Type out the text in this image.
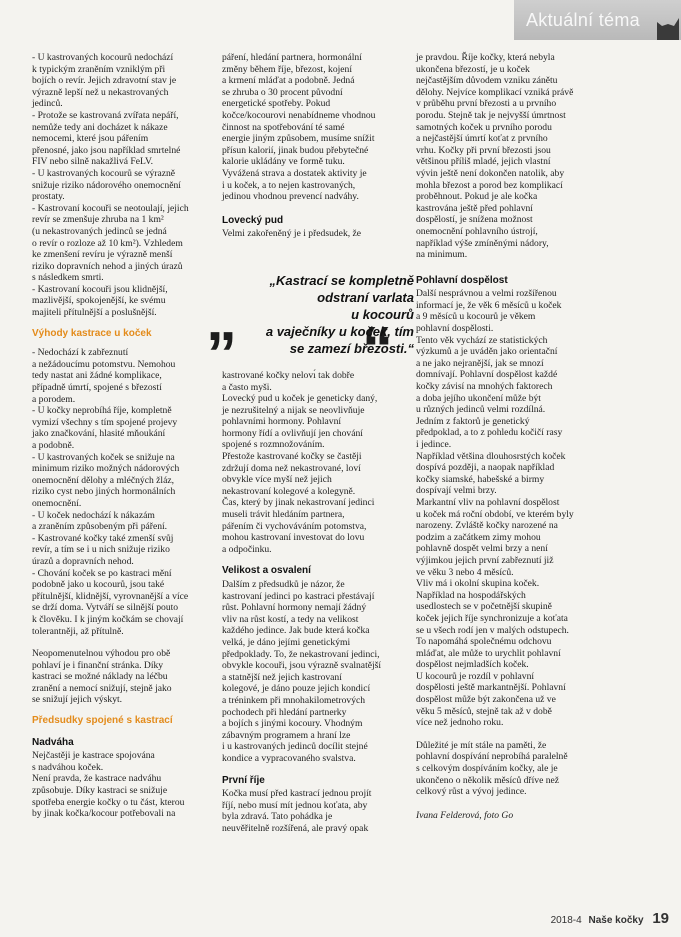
Aktuální téma
- U kastrovaných kocourů nedochází
k typickým zraněním vzniklým při
bojích o revír. Jejich zdravotní stav je
výrazně lepší než u nekastrovaných
jedinců.
- Protože se kastrovaná zvířata nepáří,
nemůže tedy ani docházet k nákaze
nemocemi, které jsou pářením
přenosné, jako jsou například smrtelné
FIV nebo silně nakažlivá FeLV.
- U kastrovaných kocourů se výrazně
snižuje riziko nádorového onemocnění
prostaty.
- Kastrovaní kocouři se neotoulají, jejich
revír se zmenšuje zhruba na 1 km²
(u nekastrovaných jedinců se jedná
o revír o rozloze až 10 km²). Vzhledem
ke zmenšení revíru je výrazně menší
riziko dopravních nehod a jiných úrazů
s následkem smrti.
- Kastrovaní kocouři jsou klidnější,
mazlivější, spokojenější, ke svému
majiteli přítulnější a poslušnější.
Výhody kastrace u koček
- Nedochází k zabřeznutí
a nežádoucímu potomstvu. Nemohou
tedy nastat ani žádné komplikace,
případně úmrtí, spojené s březostí
a porodem.
- U kočky neprobíhá říje, kompletně
vymizí všechny s tím spojené projevy
jako značkování, hlasité mňoukání
a podobně.
- U kastrovaných koček se snižuje na
minimum riziko možných nádorových
onemocnění dělohy a mléčných žláz,
riziko cyst nebo jiných hormonálních
onemocnění.
- U koček nedochází k nákazám
a zraněním způsobeným při páření.
- Kastrované kočky také zmenší svůj
revír, a tím se i u nich snižuje riziko
úrazů a dopravních nehod.
- Chování koček se po kastraci mění
podobně jako u kocourů, jsou také
přítulnější, klidnější, vyrovnanější a více
se drží doma. Vytváří se silnější pouto
k člověku. I k jiným kočkám se chovají
tolerantněji, až přítulně.
Neopomenutelnou výhodou pro obě
pohlaví je i finanční stránka. Díky
kastraci se možné náklady na léčbu
zranění a nemocí snižují, stejně jako
se snižují jejich výskyt.
Předsudky spojené s kastrací
Nadváha
Nejčastěji je kastrace spojována
s nadváhou koček.
Není pravda, že kastrace nadváhu
způsobuje. Díky kastraci se snižuje
spotřeba energie kočky o tu část, kterou
by jinak kočka/kocour potřebovali na
páření, hledání partnera, hormonální
změny během říje, březost, kojení
a krmení mláďat a podobně. Jedná
se zhruba o 30 procent původní
energetické spotřeby. Pokud
kočce/kocourovi nenabídneme vhodnou
činnost na spotřebování té samé
energie jiným způsobem, musíme snížit
přísun kalorií, jinak budou přebytečné
kalorie ukládány ve formě tuku.
Vyvážená strava a dostatek aktivity je
i u koček, a to nejen kastrovaných,
jedinou vhodnou prevencí nadváhy.
Lovecký pud
Velmi zakořeněný je i předsudek, že
kastrované kočky nelovı́ tak dobře
a často myši.
Lovecký pud u koček je geneticky daný,
je nezrušitelný a nijak se neovlivňuje
pohlavními hormony. Pohlavní
hormony řídí a ovlivňují jen chování
spojené s rozmnožováním.
Přestože kastrované kočky se častěji
zdržují doma než nekastrované, loví
obvykle více myší než jejich
nekastrovaní kolegové a kolegyně.
Čas, který by jinak nekastrovaní jedinci
museli trávit hledáním partnera,
pářením či vychováváním potomstva,
mohou kastrovaní investovat do lovu
a odpočinku.
Velikost a osvalení
Dalším z předsudků je názor, že
kastrovaní jedinci po kastraci přestávají
růst. Pohlavní hormony nemají žádný
vliv na růst kostí, a tedy na velikost
každého jedince. Jak bude která kočka
velká, je dáno jejími genetickými
předpoklady. To, že nekastrovaní jedinci,
obvykle kocouři, jsou výrazně svalnatější
a statnější než jejich kastrovaní
kolegové, je dáno pouze jejich kondicí
a tréninkem při mnohakilometrových
pochodech při hledání partnerky
a bojích s jinými kocoury. Vhodným
zábavným programem a hraní lze
i u kastrovaných jedinců docílit stejné
kondice a vypracovaného svalstva.
První říje
Kočka musí před kastrací jednou projít
říjí, nebo musí mít jednou koťata, aby
byla zdravá. Tato pohádka je
neuvěřitelně rozšířená, ale pravý opak
„ “
„Kastrací se kompletně
odstraní varlata
u kocourů
a vaječníky u koček, tím
se zamezí březosti.“
je pravdou. Říje kočky, která nebyla
ukončena březostí, je u koček
nejčastějším důvodem vzniku zánětu
dělohy. Nejvíce komplikací vzniká právě
v průběhu první březosti a u prvního
porodu. Stejně tak je nejvyšší úmrtnost
samotných koček u prvního porodu
a nejčastější úmrtí koťat z prvního
vrhu. Kočky při první březosti jsou
většinou příliš mladé, jejich vlastní
vývin ještě není dokončen natolik, aby
mohla březost a porod bez komplikací
proběhnout. Pokud je ale kočka
kastrována ještě před pohlavní
dospělostí, je snížena možnost
onemocnění pohlavního ústrojí,
například výše zmíněnými nádory,
na minimum.
Pohlavní dospělost
Další nesprávnou a velmi rozšířenou
informací je, že věk 6 měsíců u koček
a 9 měsíců u kocourů je věkem
pohlavní dospělosti.
Tento věk vychází ze statistických
výzkumů a je uváděn jako orientační
a ne jako nejranější, jak se mnozí
domnívají. Pohlavní dospělost každé
kočky závisí na mnohých faktorech
a doba jejího ukončení může být
u různých jedinců velmi rozdílná.
Jedním z faktorů je genetický
předpoklad, a to z pohledu kočičí rasy
i jedince.
Například většina dlouhosrstých koček
dospívá později, a naopak například
kočky siamské, habešské a birmy
dospívají velmi brzy.
Markantní vliv na pohlavní dospělost
u koček má roční období, ve kterém byly
narozeny. Zvláště kočky narozené na
podzim a začátkem zimy mohou
pohlavně dospět velmi brzy a není
výjimkou jejich první zabřeznutí již
ve věku 3 nebo 4 měsíců.
Vliv má i okolní skupina koček.
Například na hospodářských
usedlostech se v početnější skupině
koček jejich říje synchronizuje a koťata
se u všech rodí jen v malých odstupech.
To napomáhá společnému odchovu
mláďat, ale může to urychlit pohlavní
dospělost nejmladších koček.
U kocourů je rozdíl v pohlavní
dospělosti ještě markantnější. Pohlavní
dospělost může být zakončena už ve
věku 5 měsíců, stejně tak až v době
více než jednoho roku.
Důležité je mít stále na paměti, že
pohlavní dospívání neprobíhá paralelně
s celkovým dospíváním kočky, ale je
ukončeno o několik měsíců dříve než
celkový růst a vývoj jedince.
Ivana Felderová, foto Go
2018-4 Naše kočky 19
